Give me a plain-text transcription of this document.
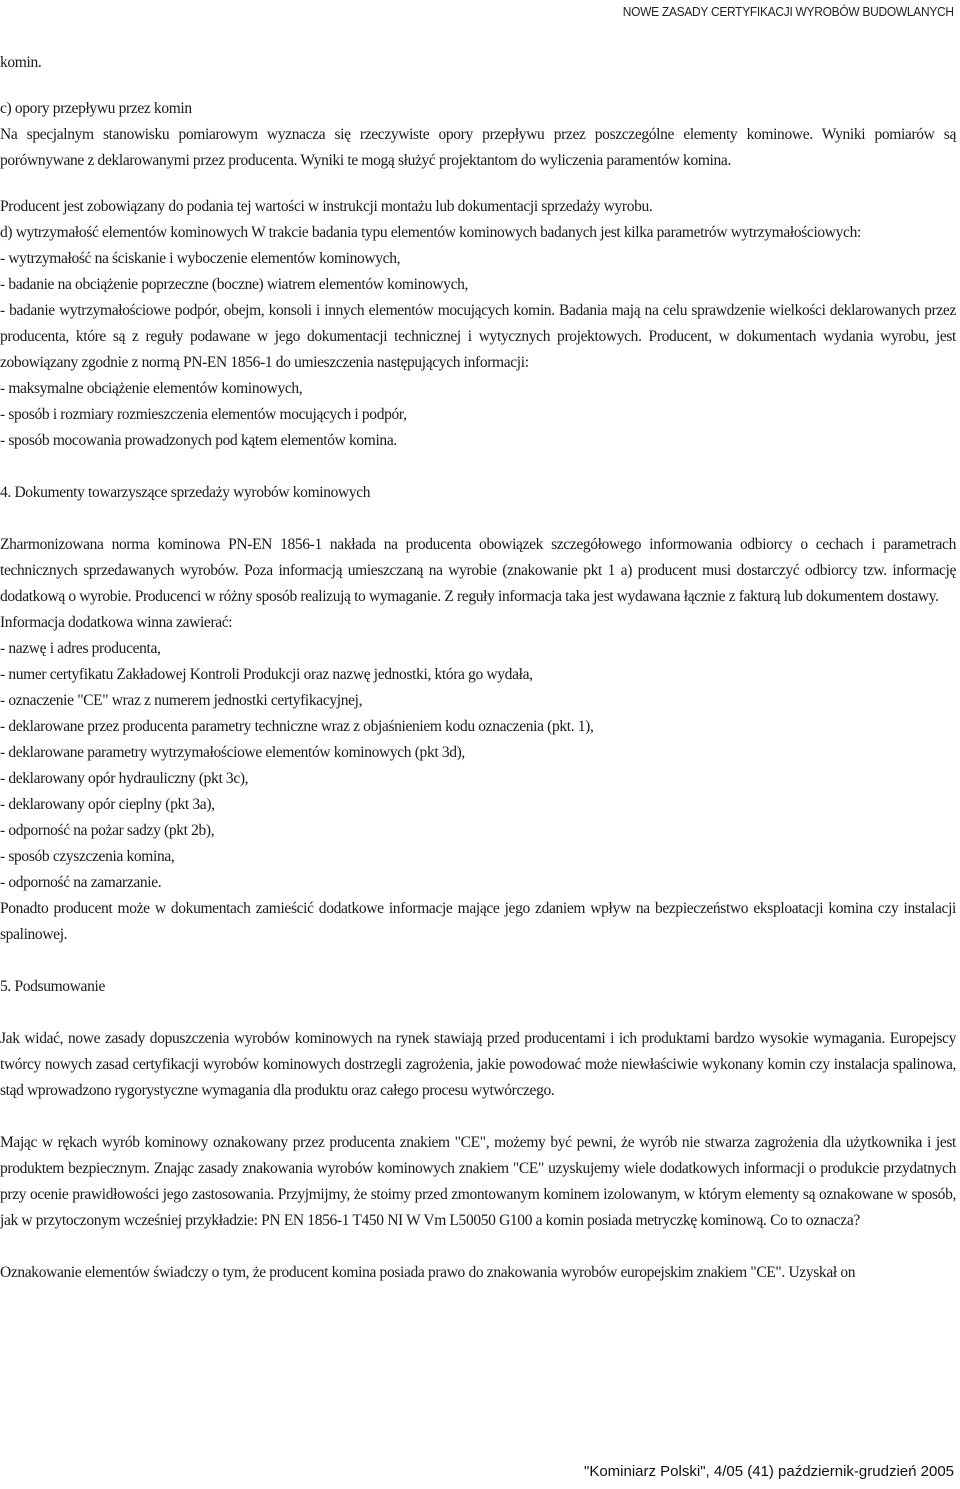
NOWE ZASADY CERTYFIKACJI WYROBÓW BUDOWLANYCH

komin.

c) opory przepływu przez komin

Na specjalnym stanowisku pomiarowym wyznacza się rzeczywiste opory przepływu przez poszczególne elementy kominowe. Wyniki pomiarów są porównywane z deklarowanymi przez producenta. Wyniki te mogą służyć projektantom do wyliczenia paramentów komina.

Producent jest zobowiązany do podania tej wartości w instrukcji montażu lub dokumentacji sprzedaży wyrobu.

d) wytrzymałość elementów kominowych W trakcie badania typu elementów kominowych badanych jest kilka parametrów wytrzymałościowych:

- wytrzymałość na ściskanie i wyboczenie elementów kominowych,

- badanie na obciążenie poprzeczne (boczne) wiatrem elementów kominowych,

- badanie wytrzymałościowe podpór, obejm, konsoli i innych elementów mocujących komin. Badania mają na celu sprawdzenie wielkości deklarowanych przez producenta, które są z reguły podawane w jego dokumentacji technicznej i wytycznych projektowych. Producent, w dokumentach wydania wyrobu, jest zobowiązany zgodnie z normą PN-EN 1856-1 do umieszczenia następujących informacji:

- maksymalne obciążenie elementów kominowych,

- sposób i rozmiary rozmieszczenia elementów mocujących i podpór,

- sposób mocowania prowadzonych pod kątem elementów komina.

4. Dokumenty towarzyszące sprzedaży wyrobów kominowych

Zharmonizowana norma kominowa PN-EN 1856-1 nakłada na producenta obowiązek szczegółowego informowania odbiorcy o cechach i parametrach technicznych sprzedawanych wyrobów. Poza informacją umieszczaną na wyrobie (znakowanie pkt 1 a) producent musi dostarczyć odbiorcy tzw. informację dodatkową o wyrobie. Producenci w różny sposób realizują to wymaganie. Z reguły informacja taka jest wydawana łącznie z fakturą lub dokumentem dostawy.

Informacja dodatkowa winna zawierać:

- nazwę i adres producenta,

- numer certyfikatu Zakładowej Kontroli Produkcji oraz nazwę jednostki, która go wydała,

- oznaczenie "CE" wraz z numerem jednostki certyfikacyjnej,

- deklarowane przez producenta parametry techniczne wraz z objaśnieniem kodu oznaczenia (pkt. 1),

- deklarowane parametry wytrzymałościowe elementów kominowych (pkt 3d),

- deklarowany opór hydrauliczny (pkt 3c),

- deklarowany opór cieplny (pkt 3a),

- odporność na pożar sadzy (pkt 2b),

- sposób czyszczenia komina,

- odporność na zamarzanie.

Ponadto producent może w dokumentach zamieścić dodatkowe informacje mające jego zdaniem wpływ na bezpieczeństwo eksploatacji komina czy instalacji spalinowej.

5. Podsumowanie

Jak widać, nowe zasady dopuszczenia wyrobów kominowych na rynek stawiają przed producentami i ich produktami bardzo wysokie wymagania. Europejscy twórcy nowych zasad certyfikacji wyrobów kominowych dostrzegli zagrożenia, jakie powodować może niewłaściwie wykonany komin czy instalacja spalinowa, stąd wprowadzono rygorystyczne wymagania dla produktu oraz całego procesu wytwórczego.

Mając w rękach wyrób kominowy oznakowany przez producenta znakiem "CE", możemy być pewni, że wyrób nie stwarza zagrożenia dla użytkownika i jest produktem bezpiecznym. Znając zasady znakowania wyrobów kominowych znakiem "CE" uzyskujemy wiele dodatkowych informacji o produkcie przydatnych przy ocenie prawidłowości jego zastosowania. Przyjmijmy, że stoimy przed zmontowanym kominem izolowanym, w którym elementy są oznakowane w sposób, jak w przytoczonym wcześniej przykładzie: PN EN 1856-1 T450 NI W Vm L50050 G100 a komin posiada metryczkę kominową. Co to oznacza?

Oznakowanie elementów świadczy o tym, że producent komina posiada prawo do znakowania wyrobów europejskim znakiem "CE". Uzyskał on

"Kominiarz Polski", 4/05 (41) październik-grudzień 2005
